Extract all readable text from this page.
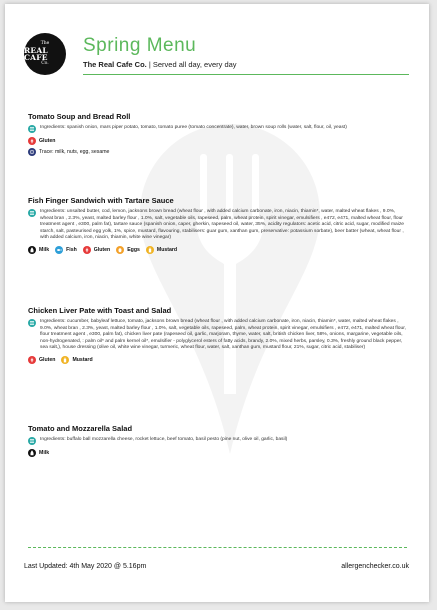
The
REAL CAFE
Co.
Spring Menu
The Real Cafe Co. | Served all day, every day
Tomato Soup and Bread Roll
Ingredients: spanish onion, mars piper potato, tomato, tomato puree (tomato concentrate), water, brown soup rolls (water, salt, flour, oil, yeast)
Gluten
Trace: milk, nuts, egg, sesame
Fish Finger Sandwich with Tartare Sauce
Ingredients: unsalted butter, cod, lemon, jacksons brown bread (wheat flour , with added calcium carbonate, iron, niacin, thiamin*, water, malted wheat flakes , 9.0%, wheat bran , 2.3%, yeast, malted barley flour , 1.0%, salt, vegetable oils, rapeseed, palm, wheat protein, spirit vinegar, emulsifiers , e472, e471, malted wheat flour, flour treatment agent , e300, palm fat), tartare sauce (spanish onion, caper, gherkin, rapeseed oil, water, 35%, acidity regulators: acetic acid, citric acid, sugar, modified maize starch, salt, pasteurised egg yolk, 1%, spice, mustard, flavouring, stabilisers: guar gum, xanthan gum, preservative: potassium sorbate), beer batter (wheat, wheat flour , with added calcium, iron, niacin, thiamin, white wine vinegar)
Milk	Fish	Gluten	Eggs	Mustard
Chicken Liver Pate with Toast and Salad
Ingredients: cucumber, babyleaf lettuce, tomato, jacksons brown bread (wheat flour , with added calcium carbonate, iron, niacin, thiamin*, water, malted wheat flakes , 9.0%, wheat bran , 2.3%, yeast, malted barley flour , 1.0%, salt, vegetable oils, rapeseed, palm, wheat protein, spirit vinegar, emulsifiers , e472, e471, malted wheat flour, flour treatment agent , e300, palm fat), chicken liver pate (rapeseed oil, garlic, marjoram, thyme, water, salt, british chicken liver, 58%, onions, margarine, vegetable oils, non-hydrogenated, : palm oil* and palm kernel oil*, emulsifier - polyglycerol esters of fatty acids, brandy, 2.0%, mixed herbs, parsley, 0.3%, freshly ground black pepper, sea salt,), house dressing (olive oil, white wine vinegar, turmeric, wheat flour, water, salt, xanthan gum, mustard flour, 21%, sugar, citric acid, stabiliser)
Gluten	Mustard
Tomato and Mozzarella Salad
Ingredients: buffalo ball mozzarella cheese, rocket lettuce, beef tomato, basil pesto (pine nut, olive oil, garlic, basil)
Milk
Last Updated: 4th May 2020 @ 5.16pm	allergenchecker.co.uk
